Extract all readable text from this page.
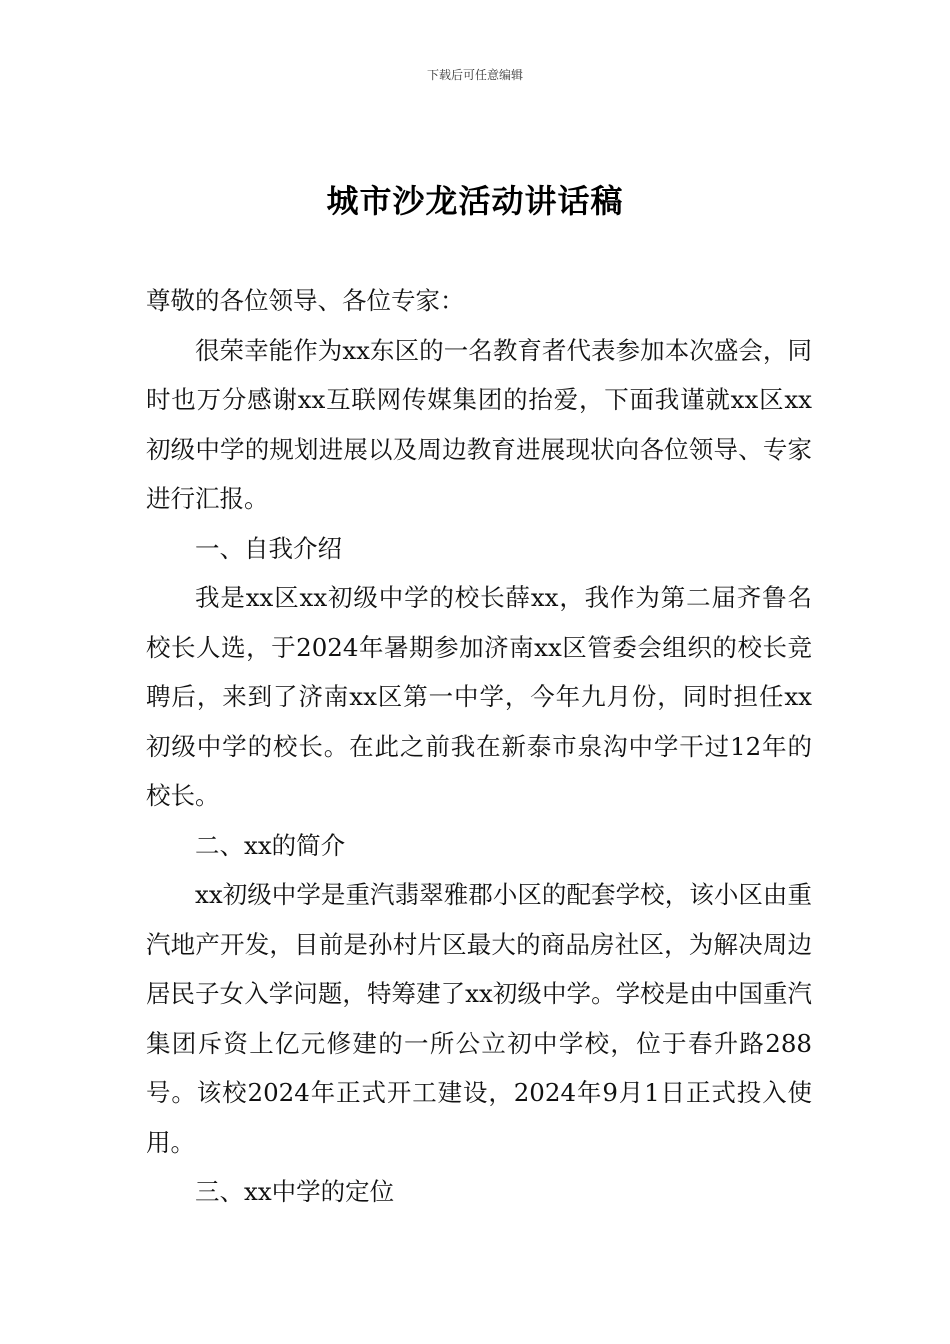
下载后可任意编辑
城市沙龙活动讲话稿

尊敬的各位领导、各位专家：

很荣幸能作为xx东区的一名教育者代表参加本次盛会，同时也万分感谢xx互联网传媒集团的抬爱，下面我谨就xx区xx初级中学的规划进展以及周边教育进展现状向各位领导、专家进行汇报。

一、自我介绍

我是xx区xx初级中学的校长薛xx，我作为第二届齐鲁名校长人选，于2024年暑期参加济南xx区管委会组织的校长竞聘后，来到了济南xx区第一中学，今年九月份，同时担任xx初级中学的校长。在此之前我在新泰市泉沟中学干过12年的校长。

二、xx的简介

xx初级中学是重汽翡翠雅郡小区的配套学校，该小区由重汽地产开发，目前是孙村片区最大的商品房社区，为解决周边居民子女入学问题，特筹建了xx初级中学。学校是由中国重汽集团斥资上亿元修建的一所公立初中学校，位于春升路288号。该校2024年正式开工建设，2024年9月1日正式投入使用。

三、xx中学的定位
